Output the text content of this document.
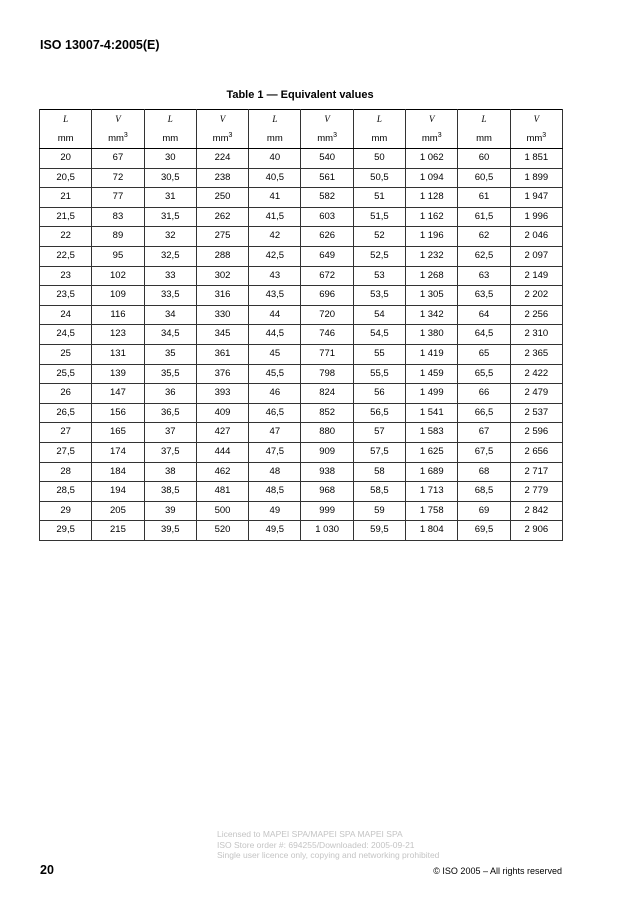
ISO 13007-4:2005(E)
Table 1 — Equivalent values
L	V	L	V	L	V	L	V	L	V
mm	$mm^3$	mm	$mm^3$	mm	$mm^3$	mm	$mm^3$	mm	$mm^3$
20	67	30	224	40	540	50	1 062	60	1 851
20,5	72	30,5	238	40,5	561	50,5	1 094	60,5	1 899
21	77	31	250	41	582	51	1 128	61	1 947
21,5	83	31,5	262	41,5	603	51,5	1 162	61,5	1 996
22	89	32	275	42	626	52	1 196	62	2 046
22,5	95	32,5	288	42,5	649	52,5	1 232	62,5	2 097
23	102	33	302	43	672	53	1 268	63	2 149
23,5	109	33,5	316	43,5	696	53,5	1 305	63,5	2 202
24	116	34	330	44	720	54	1 342	64	2 256
24,5	123	34,5	345	44,5	746	54,5	1 380	64,5	2 310
25	131	35	361	45	771	55	1 419	65	2 365
25,5	139	35,5	376	45,5	798	55,5	1 459	65,5	2 422
26	147	36	393	46	824	56	1 499	66	2 479
26,5	156	36,5	409	46,5	852	56,5	1 541	66,5	2 537
27	165	37	427	47	880	57	1 583	67	2 596
27,5	174	37,5	444	47,5	909	57,5	1 625	67,5	2 656
28	184	38	462	48	938	58	1 689	68	2 717
28,5	194	38,5	481	48,5	968	58,5	1 713	68,5	2 779
29	205	39	500	49	999	59	1 758	69	2 842
29,5	215	39,5	520	49,5	1 030	59,5	1 804	69,5	2 906
Licensed to MAPEI SPA/MAPEI SPA MAPEI SPA
ISO Store order #: 694255/Downloaded: 2005-09-21
Single user licence only, copying and networking prohibited
20	© ISO 2005 – All rights reserved
